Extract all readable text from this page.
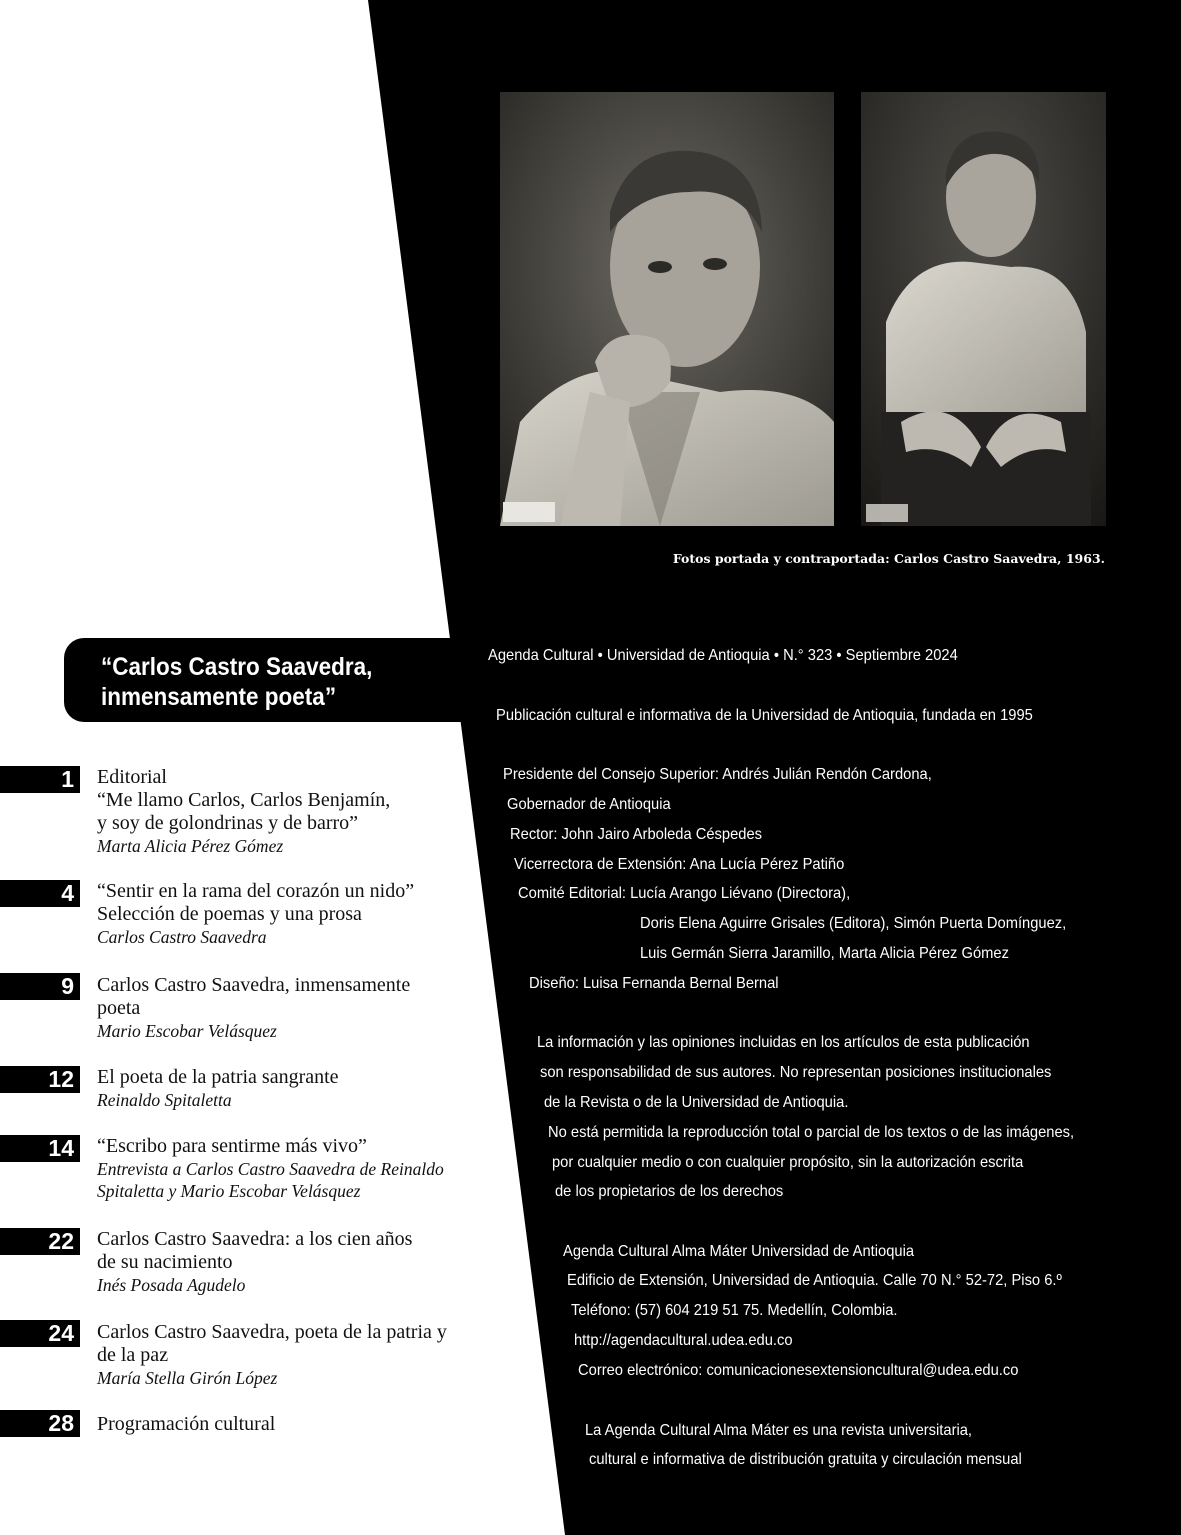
Fotos portada y contraportada: Carlos Castro Saavedra, 1963.
“Carlos Castro Saavedra,
inmensamente poeta”
Agenda Cultural • Universidad de Antioquia • N.° 323 • Septiembre 2024
Publicación cultural e informativa de la Universidad de Antioquia, fundada en 1995
Presidente del Consejo Superior: Andrés Julián Rendón Cardona,
Gobernador de Antioquia
Rector: John Jairo Arboleda Céspedes
Vicerrectora de Extensión: Ana Lucía Pérez Patiño
Comité Editorial: Lucía Arango Liévano (Directora),
Doris Elena Aguirre Grisales (Editora), Simón Puerta Domínguez,
Luis Germán Sierra Jaramillo, Marta Alicia Pérez Gómez
Diseño: Luisa Fernanda Bernal Bernal
La información y las opiniones incluidas en los artículos de esta publicación
son responsabilidad de sus autores. No representan posiciones institucionales
de la Revista o de la Universidad de Antioquia.
No está permitida la reproducción total o parcial de los textos o de las imágenes,
por cualquier medio o con cualquier propósito, sin la autorización escrita
de los propietarios de los derechos
Agenda Cultural Alma Máter Universidad de Antioquia
Edificio de Extensión, Universidad de Antioquia. Calle 70 N.° 52-72, Piso 6.º
Teléfono: (57) 604 219 51 75. Medellín, Colombia.
http://agendacultural.udea.edu.co
Correo electrónico: comunicacionesextensioncultural@udea.edu.co
La Agenda Cultural Alma Máter es una revista universitaria,
cultural e informativa de distribución gratuita y circulación mensual
1	Editorial
“Me llamo Carlos, Carlos Benjamín,
y soy de golondrinas y de barro”
Marta Alicia Pérez Gómez
4	“Sentir en la rama del corazón un nido”
Selección de poemas y una prosa
Carlos Castro Saavedra
9	Carlos Castro Saavedra, inmensamente
poeta
Mario Escobar Velásquez
12	El poeta de la patria sangrante
Reinaldo Spitaletta
14	“Escribo para sentirme más vivo”
Entrevista a Carlos Castro Saavedra de Reinaldo
Spitaletta y Mario Escobar Velásquez
22	Carlos Castro Saavedra: a los cien años
de su nacimiento
Inés Posada Agudelo
24	Carlos Castro Saavedra, poeta de la patria y
de la paz
María Stella Girón López
28	Programación cultural
